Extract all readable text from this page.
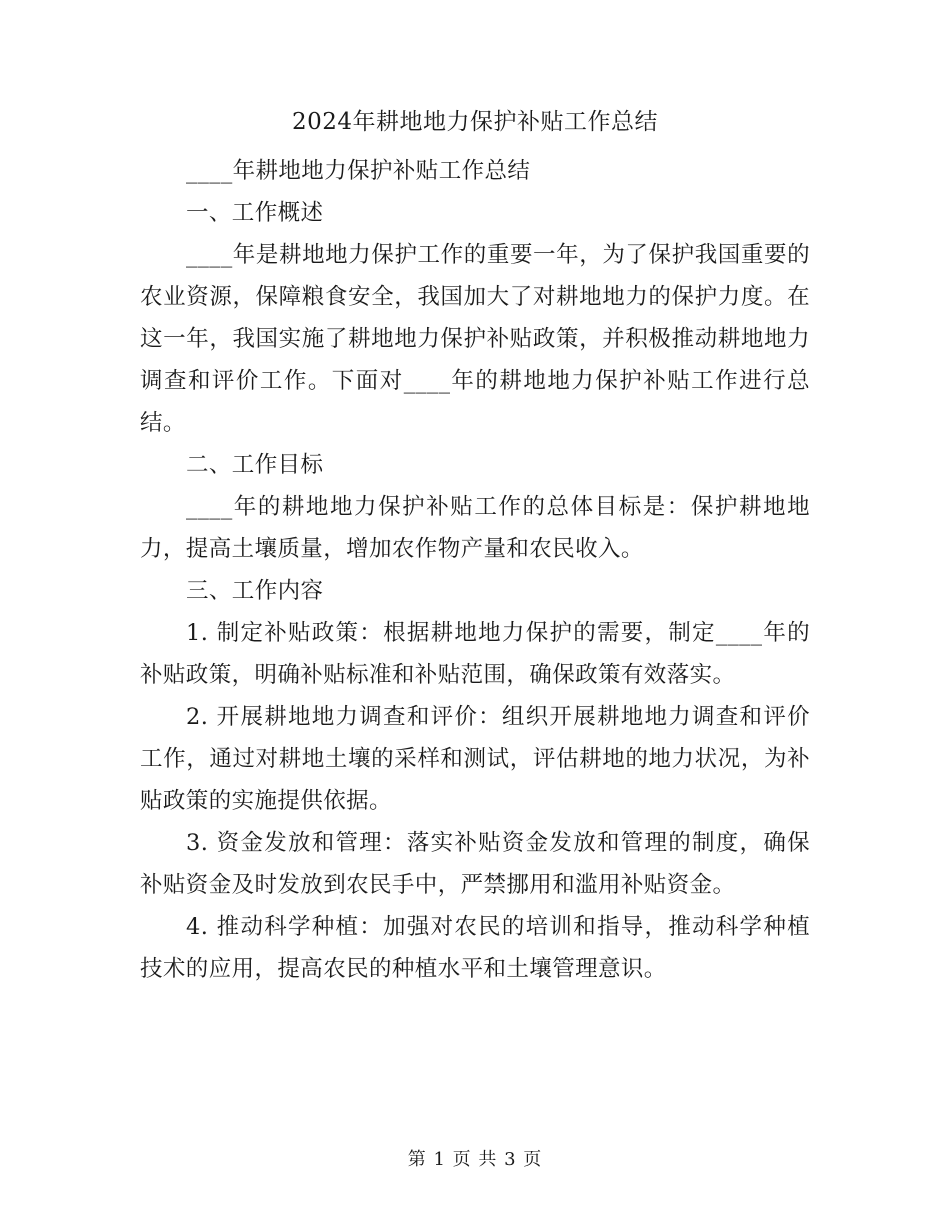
2024年耕地地力保护补贴工作总结

____年耕地地力保护补贴工作总结

一、工作概述

____年是耕地地力保护工作的重要一年，为了保护我国重要的农业资源，保障粮食安全，我国加大了对耕地地力的保护力度。在这一年，我国实施了耕地地力保护补贴政策，并积极推动耕地地力调查和评价工作。下面对____年的耕地地力保护补贴工作进行总结。

二、工作目标

____年的耕地地力保护补贴工作的总体目标是：保护耕地地力，提高土壤质量，增加农作物产量和农民收入。

三、工作内容

1. 制定补贴政策：根据耕地地力保护的需要，制定____年的补贴政策，明确补贴标准和补贴范围，确保政策有效落实。

2. 开展耕地地力调查和评价：组织开展耕地地力调查和评价工作，通过对耕地土壤的采样和测试，评估耕地的地力状况，为补贴政策的实施提供依据。

3. 资金发放和管理：落实补贴资金发放和管理的制度，确保补贴资金及时发放到农民手中，严禁挪用和滥用补贴资金。

4. 推动科学种植：加强对农民的培训和指导，推动科学种植技术的应用，提高农民的种植水平和土壤管理意识。

第 1 页 共 3 页
